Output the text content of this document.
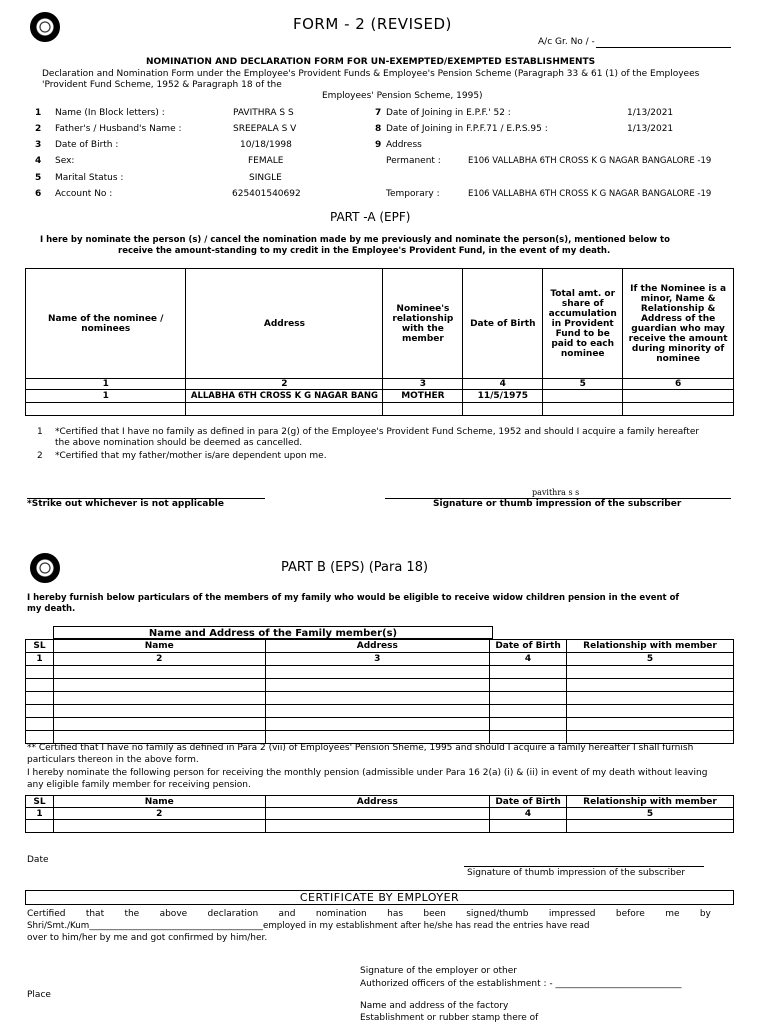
FORM - 2 (REVISED)
A/c Gr. No / -
NOMINATION AND DECLARATION FORM FOR UN-EXEMPTED/EXEMPTED ESTABLISHMENTS
Declaration and Nomination Form under the Employee's Provident Funds & Employee's Pension Scheme (Paragraph 33 & 61 (1) of the Employees
'Provident Fund Scheme, 1952 & Paragraph 18 of the
Employees' Pension Scheme, 1995)
1 Name (In Block letters) :	PAVITHRA S S
2 Father's / Husband's Name :	SREEPALA S V
3 Date of Birth :	10/18/1998
4 Sex:	FEMALE
5 Marital Status :	SINGLE
6 Account No :	625401540692
7 Date of Joining in E.P.F.' 52 :	1/13/2021
8 Date of Joining in F.P.F.71 / E.P.S.95 :	1/13/2021
9 Address
Permanent :	E106 VALLABHA 6TH CROSS K G NAGAR BANGALORE -19
Temporary :	E106 VALLABHA 6TH CROSS K G NAGAR BANGALORE -19
PART -A (EPF)
I here by nominate the person (s) / cancel the nomination made by me previously and nominate the person(s), mentioned below to
receive the amount-standing to my credit in the Employee's Provident Fund, in the event of my death.
Name of the nominee / nominees	Address	Nominee's relationship with the member	Date of Birth	Total amt. or share of accumulation in Provident Fund to be paid to each nominee	If the Nominee is a minor, Name & Relationship & Address of the guardian who may receive the amount during minority of nominee
1	2	3	4	5	6
1	ALLABHA 6TH CROSS K G NAGAR BANG	MOTHER	11/5/1975		

1 *Certified that I have no family as defined in para 2(g) of the Employee's Provident Fund Scheme, 1952 and should I acquire a family hereafter
the above nomination should be deemed as cancelled.
2 *Certified that my father/mother is/are dependent upon me.
pavithra s s
*Strike out whichever is not applicable	Signature or thumb impression of the subscriber
PART B (EPS) (Para 18)
I hereby furnish below particulars of the members of my family who would be eligible to receive widow children pension in the event of
my death.
Name and Address of the Family member(s)
SL	Name	Address	Date of Birth	Relationship with member
1	2	3	4	5

** Certified that I have no family as defined in Para 2 (vii) of Employees' Pension Sheme, 1995 and should I acquire a family hereafter I shall furnish
particulars thereon in the above form.
I hereby nominate the following person for receiving the monthly pension (admissible under Para 16 2(a) (i) & (ii) in event of my death without leaving
any eligible family member for receiving pension.
SL	Name	Address	Date of Birth	Relationship with member
1	2		4	5

Date
Signature of thumb impression of the subscriber
CERTIFICATE BY EMPLOYER
Certified that the above declaration and nomination has been signed/thumb impressed before me by
Shri/Smt./Kum________________________________________employed in my establishment after he/she has read the entries have read
over to him/her by me and got confirmed by him/her.
Signature of the employer or other
Authorized officers of the establishment : - ____________________________
Place
Name and address of the factory
Establishment or rubber stamp there of
